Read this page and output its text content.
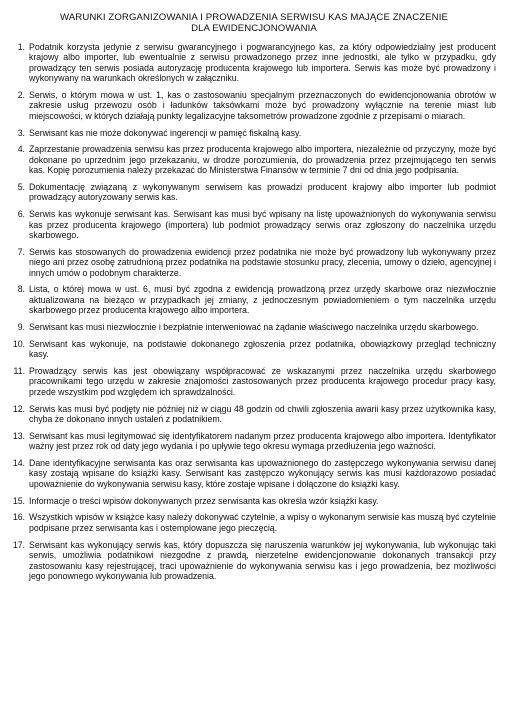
WARUNKI ZORGANIZOWANIA I PROWADZENIA SERWISU KAS MAJĄCE ZNACZENIE
DLA EWIDENCJONOWANIA
1. Podatnik korzysta jedynie z serwisu gwarancyjnego i pogwarancyjnego kas, za który odpowiedzialny jest producent krajowy albo importer, lub ewentualnie z serwisu prowadzonego przez inne jednostki, ale tylko w przypadku, gdy prowadzący ten serwis posiada autoryzację producenta krajowego lub importera. Serwis kas może być prowadzony i wykonywany na warunkach określonych w załączniku.
2. Serwis, o którym mowa w ust. 1, kas o zastosowaniu specjalnym przeznaczonych do ewidencjonowania obrotów w zakresie usług przewozu osób i ładunków taksówkami może być prowadzony wyłącznie na terenie miast lub miejscowości, w których działają punkty legalizacyjne taksometrów prowadzone zgodnie z przepisami o miarach.
3. Serwisant kas nie może dokonywać ingerencji w pamięć fiskalną kasy.
4. Zaprzestanie prowadzenia serwisu kas przez producenta krajowego albo importera, niezależnie od przyczyny, może być dokonane po uprzednim jego przekazaniu, w drodze porozumienia, do prowadzenia przez przejmującego ten serwis kas. Kopię porozumienia należy przekazać do Ministerstwa Finansów w terminie 7 dni od dnia jego podpisania.
5. Dokumentację związaną z wykonywanym serwisem kas prowadzi producent krajowy albo importer lub podmiot prowadzący autoryzowany serwis kas.
6. Serwis kas wykonuje serwisant kas. Serwisant kas musi być wpisany na listę upoważnionych do wykonywania serwisu kas przez producenta krajowego (importera) lub podmiot prowadzący serwis oraz zgłoszony do naczelnika urzędu skarbowego.
7. Serwis kas stosowanych do prowadzenia ewidencji przez podatnika nie może być prowadzony lub wykonywany przez niego ani przez osobę zatrudnioną przez podatnika na podstawie stosunku pracy, zlecenia, umowy o dzieło, agencyjnej i innych umów o podobnym charakterze.
8. Lista, o której mowa w ust. 6, musi być zgodna z ewidencją prowadzoną przez urzędy skarbowe oraz niezwłocznie aktualizowana na bieżąco w przypadkach jej zmiany, z jednoczesnym powiadomieniem o tym naczelnika urzędu skarbowego przez producenta krajowego albo importera.
9. Serwisant kas musi niezwłocznie i bezpłatnie interweniować na żądanie właściwego naczelnika urzędu skarbowego.
10. Serwisant kas wykonuje, na podstawie dokonanego zgłoszenia przez podatnika, obowiązkowy przegląd techniczny kasy.
11. Prowadzący serwis kas jest obowiązany współpracować ze wskazanymi przez naczelnika urzędu skarbowego pracownikami tego urzędu w zakresie znajomości zastosowanych przez producenta krajowego procedur pracy kasy, przede wszystkim pod względem ich sprawdzalności.
12. Serwis kas musi być podjęty nie później niż w ciągu 48 godzin od chwili zgłoszenia awarii kasy przez użytkownika kasy, chyba że dokonano innych ustaleń z podatnikiem.
13. Serwisant kas musi legitymować się identyfikatorem nadanym przez producenta krajowego albo importera. Identyfikator ważny jest przez rok od daty jego wydania i po upływie tego okresu wymaga przedłużenia jego ważności.
14. Dane identyfikacyjne serwisanta kas oraz serwisanta kas upoważnionego do zastępczego wykonywania serwisu danej kasy zostają wpisane do książki kasy. Serwisant kas zastępczo wykonujący serwis kas musi każdorazowo posiadać upoważnienie do wykonywania serwisu kasy, które zostaje wpisane i dołączone do książki kasy.
15. Informacje o treści wpisów dokonywanych przez serwisanta kas określa wzór książki kasy.
16. Wszystkich wpisów w książce kasy należy dokonywać czytelnie, a wpisy o wykonanym serwisie kas muszą być czytelnie podpisane przez serwisanta kas i ostemplowane jego pieczęcią.
17. Serwisant kas wykonujący serwis kas, który dopuszcza się naruszenia warunków jej wykonywania, lub wykonując taki serwis, umożliwia podatnikowi niezgodne z prawdą, nierzetelne ewidencjonowanie dokonanych transakcji przy zastosowaniu kasy rejestrującej, traci upoważnienie do wykonywania serwisu kas i jego prowadzenia, bez możliwości jego ponownego wykonywania lub prowadzenia.
